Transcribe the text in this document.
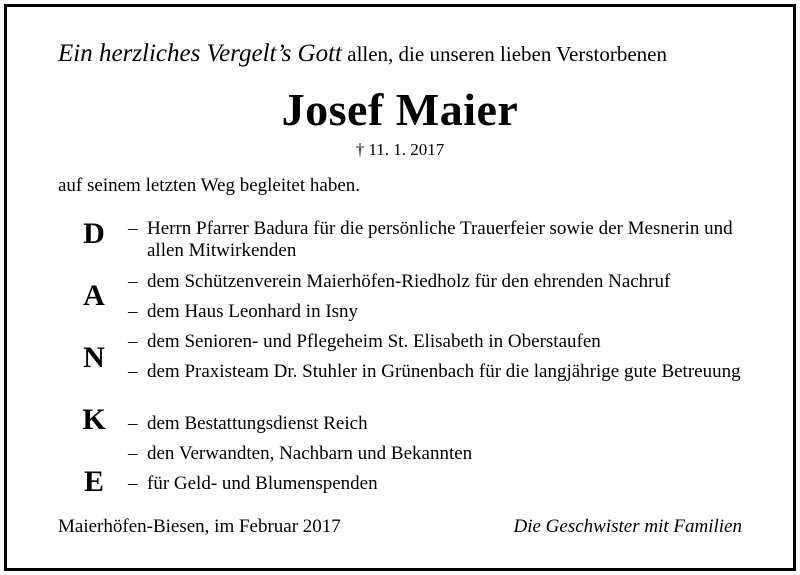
Ein herzliches Vergelt’s Gott allen, die unseren lieben Verstorbenen
Josef Maier
† 11. 1. 2017
auf seinem letzten Weg begleitet haben.
D
A
N
K
E
– Herrn Pfarrer Badura für die persönliche Trauerfeier sowie der Mesnerin und allen Mitwirkenden
– dem Schützenverein Maierhöfen-Riedholz für den ehrenden Nachruf
– dem Haus Leonhard in Isny
– dem Senioren- und Pflegeheim St. Elisabeth in Oberstaufen
– dem Praxisteam Dr. Stuhler in Grünenbach für die langjährige gute Betreuung
– dem Bestattungsdienst Reich
– den Verwandten, Nachbarn und Bekannten
– für Geld- und Blumenspenden
Maierhöfen-Biesen, im Februar 2017	Die Geschwister mit Familien
